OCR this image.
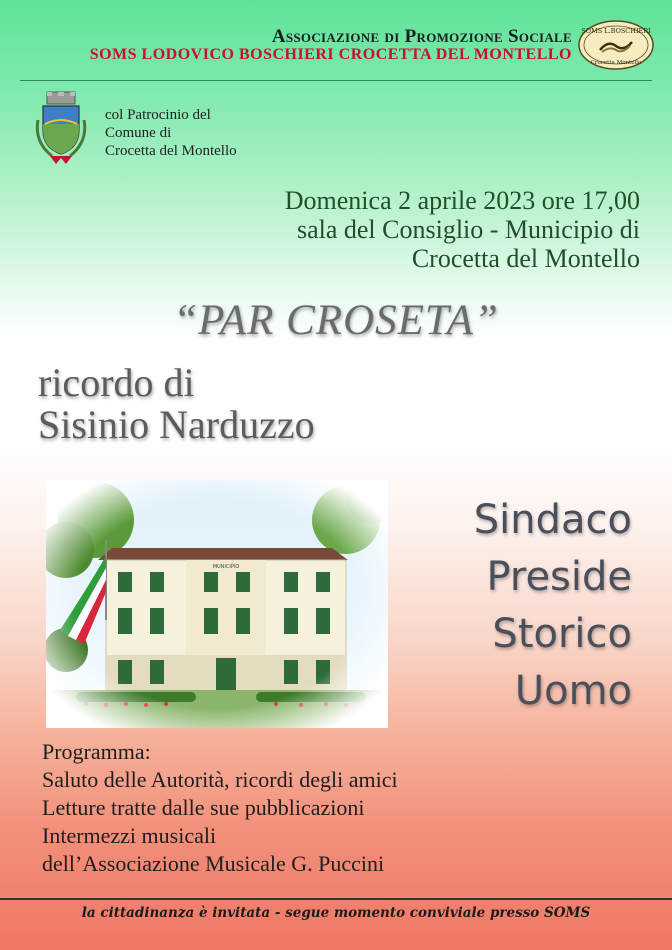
Associazione di Promozione Sociale
SOMS LODOVICO BOSCHIERI CROCETTA DEL MONTELLO
SOMS L.BOSCHIERI
Crocetta Montello
col Patrocinio del
Comune di
Crocetta del Montello
Domenica 2 aprile 2023 ore 17,00
sala del Consiglio - Municipio di
Crocetta del Montello
“PAR CROSETA”
ricordo di
Sisinio Narduzzo
Sindaco
Preside
Storico
Uomo
Programma:
Saluto delle Autorità, ricordi degli amici
Letture tratte dalle sue pubblicazioni
Intermezzi musicali
dell’Associazione Musicale G. Puccini
la cittadinanza è invitata - segue momento conviviale presso SOMS
